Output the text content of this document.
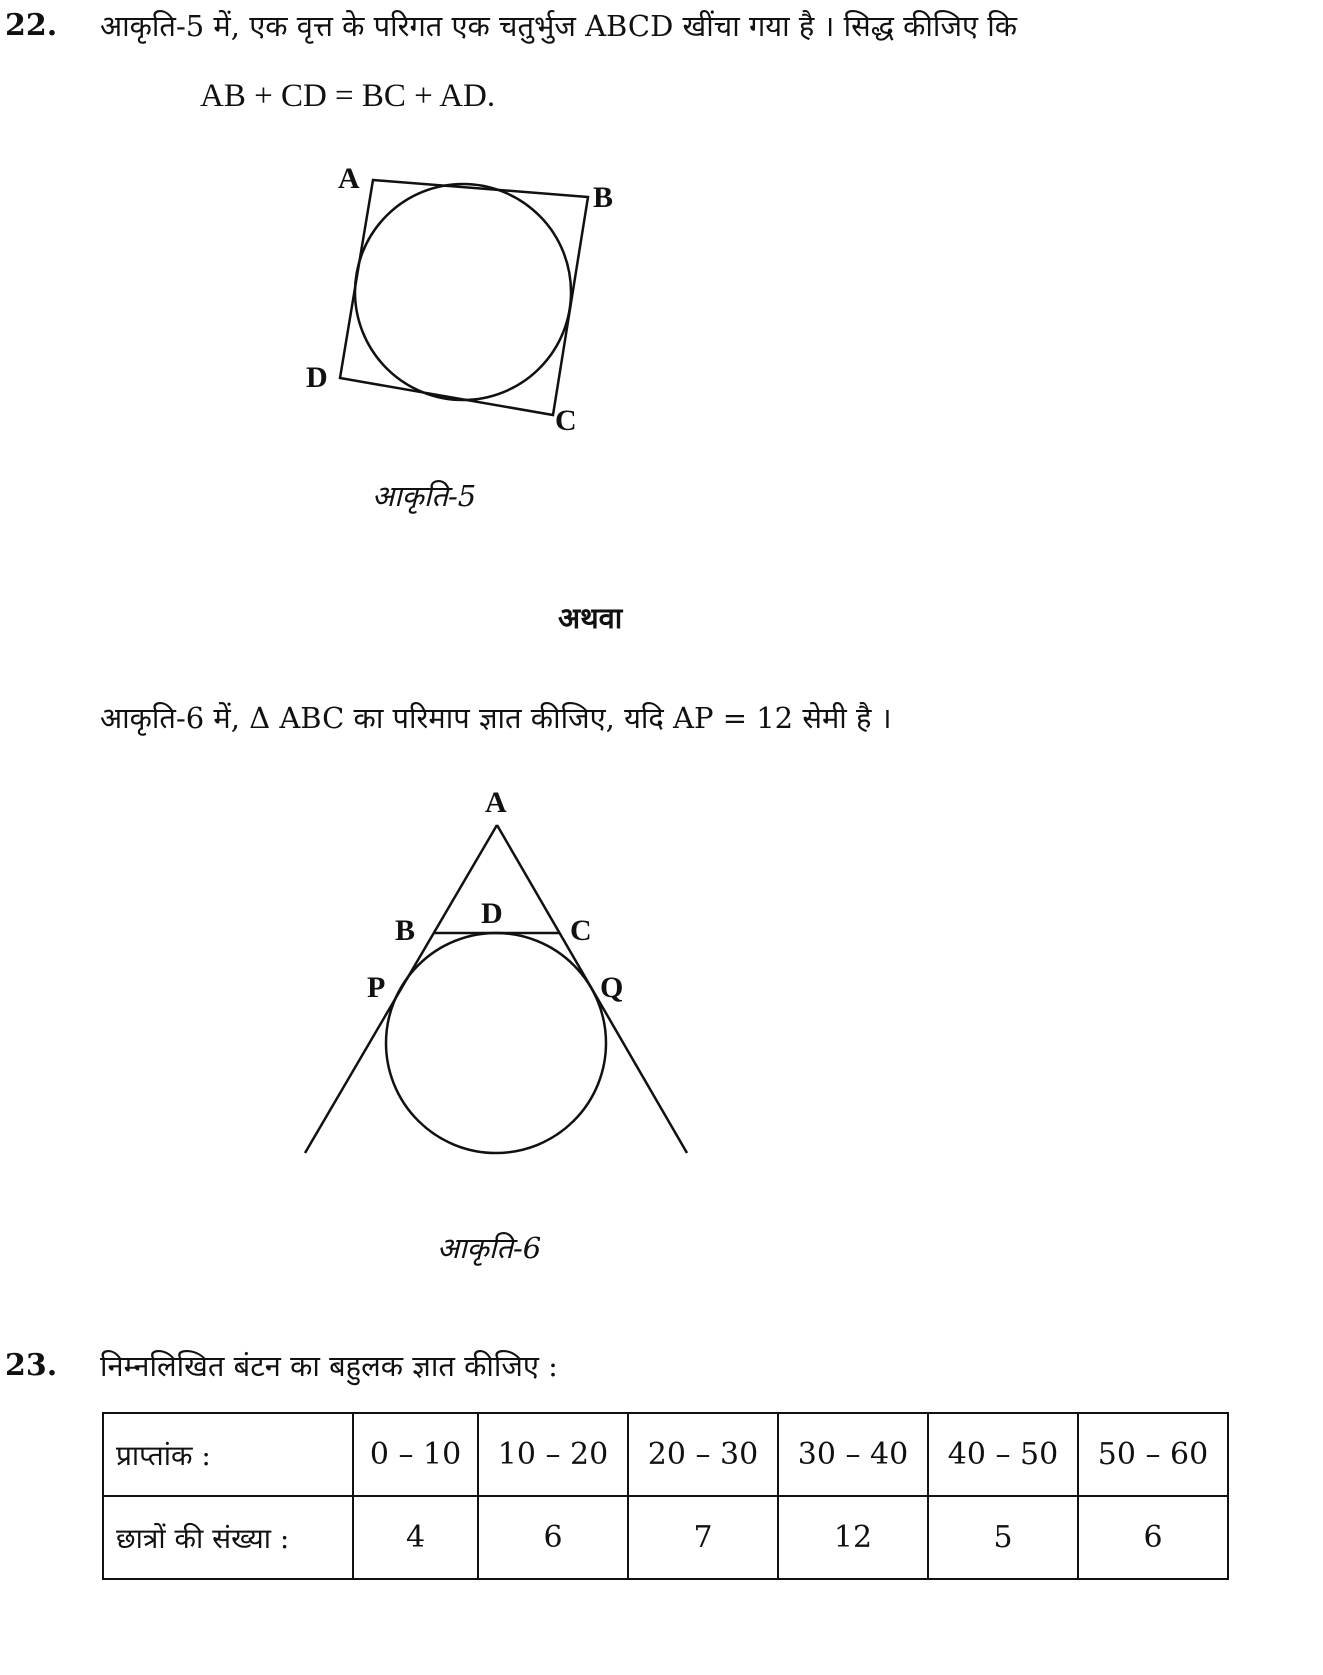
22. आकृति-5 में, एक वृत्त के परिगत एक चतुर्भुज ABCD खींचा गया है । सिद्ध कीजिए कि
AB + CD = BC + AD.
A
B
C
D
आकृति-5
अथवा
आकृति-6 में, Δ ABC का परिमाप ज्ञात कीजिए, यदि AP = 12 सेमी है ।
A
B
D
C
P	Q
आकृति-6
23. निम्नलिखित बंटन का बहुलक ज्ञात कीजिए :
प्राप्तांक :	0 – 10	10 – 20	20 – 30	30 – 40	40 – 50	50 – 60
छात्रों की संख्या :	4	6	7	12	5	6
